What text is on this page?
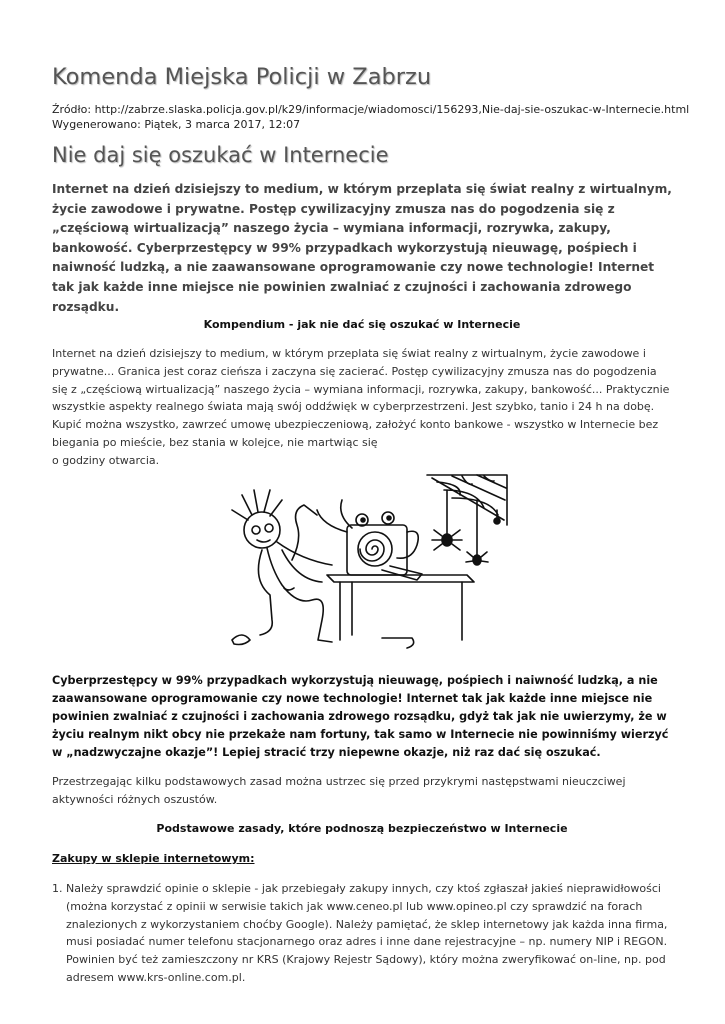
Komenda Miejska Policji w Zabrzu
Źródło: http://zabrze.slaska.policja.gov.pl/k29/informacje/wiadomosci/156293,Nie-daj-sie-oszukac-w-Internecie.html
Wygenerowano: Piątek, 3 marca 2017, 12:07
Nie daj się oszukać w Internecie

Internet na dzień dzisiejszy to medium, w którym przeplata się świat realny z wirtualnym, życie zawodowe i prywatne. Postęp cywilizacyjny zmusza nas do pogodzenia się z „częściową wirtualizacją” naszego życia – wymiana informacji, rozrywka, zakupy, bankowość. Cyberprzestępcy w 99% przypadkach wykorzystują nieuwagę, pośpiech i naiwność ludzką, a nie zaawansowane oprogramowanie czy nowe technologie! Internet tak jak każde inne miejsce nie powinien zwalniać z czujności i zachowania zdrowego rozsądku.

Kompendium - jak nie dać się oszukać w Internecie

Internet na dzień dzisiejszy to medium, w którym przeplata się świat realny z wirtualnym, życie zawodowe i prywatne... Granica jest coraz cieńsza i zaczyna się zacierać. Postęp cywilizacyjny zmusza nas do pogodzenia się z „częściową wirtualizacją” naszego życia – wymiana informacji, rozrywka, zakupy, bankowość... Praktycznie wszystkie aspekty realnego świata mają swój oddźwięk w cyberprzestrzeni. Jest szybko, tanio i 24 h na dobę. Kupić można wszystko, zawrzeć umowę ubezpieczeniową, założyć konto bankowe - wszystko w Internecie bez biegania po mieście, bez stania w kolejce, nie martwiąc się
o godziny otwarcia.

Cyberprzestępcy w 99% przypadkach wykorzystują nieuwagę, pośpiech i naiwność ludzką, a nie zaawansowane oprogramowanie czy nowe technologie! Internet tak jak każde inne miejsce nie powinien zwalniać z czujności i zachowania zdrowego rozsądku, gdyż tak jak nie uwierzymy, że w życiu realnym nikt obcy nie przekaże nam fortuny, tak samo w Internecie nie powinniśmy wierzyć w „nadzwyczajne okazje”! Lepiej stracić trzy niepewne okazje, niż raz dać się oszukać.

Przestrzegając kilku podstawowych zasad można ustrzec się przed przykrymi następstwami nieuczciwej aktywności różnych oszustów.

Podstawowe zasady, które podnoszą bezpieczeństwo w Internecie

Zakupy w sklepie internetowym:

1. Należy sprawdzić opinie o sklepie - jak przebiegały zakupy innych, czy ktoś zgłaszał jakieś nieprawidłowości (można korzystać z opinii w serwisie takich jak www.ceneo.pl lub www.opineo.pl czy sprawdzić na forach znalezionych z wykorzystaniem choćby Google). Należy pamiętać, że sklep internetowy jak każda inna firma, musi posiadać numer telefonu stacjonarnego oraz adres i inne dane rejestracyjne – np. numery NIP i REGON. Powinien być też zamieszczony nr KRS (Krajowy Rejestr Sądowy), który można zweryfikować on-line, np. pod adresem www.krs-online.com.pl.
